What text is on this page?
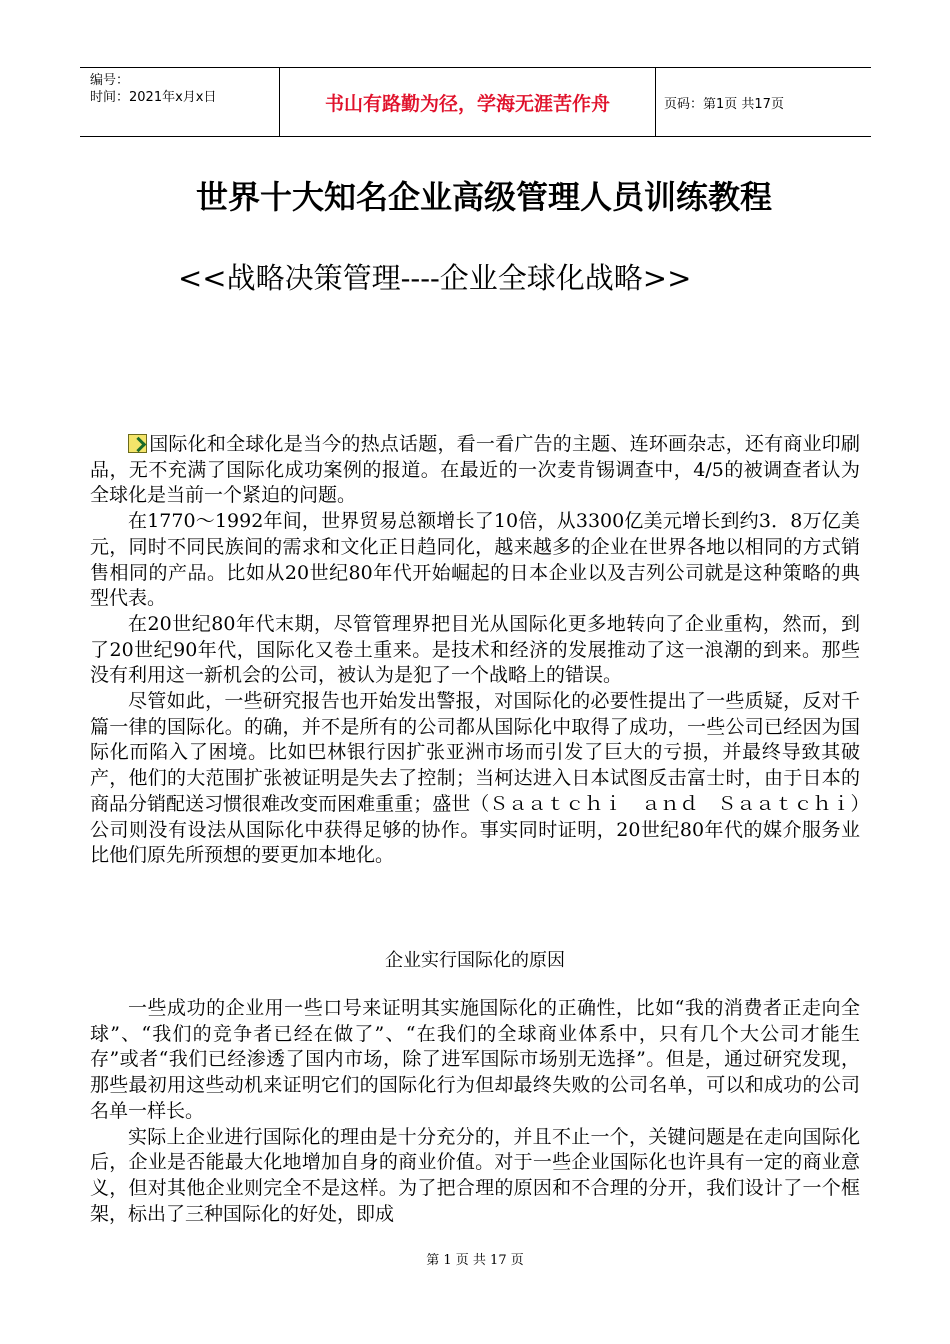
编号：
时间：2021年x月x日	书山有路勤为径，学海无涯苦作舟	页码：第1页 共17页
世界十大知名企业高级管理人员训练教程
<<战略决策管理----企业全球化战略>>

国际化和全球化是当今的热点话题，看一看广告的主题、连环画杂志，还有商业印刷品，无不充满了国际化成功案例的报道。在最近的一次麦肯锡调查中，4/5的被调查者认为全球化是当前一个紧迫的问题。

在1770～1992年间，世界贸易总额增长了10倍，从3300亿美元增长到约3．8万亿美元，同时不同民族间的需求和文化正日趋同化，越来越多的企业在世界各地以相同的方式销售相同的产品。比如从20世纪80年代开始崛起的日本企业以及吉列公司就是这种策略的典型代表。

在20世纪80年代末期，尽管管理界把目光从国际化更多地转向了企业重构，然而，到了20世纪90年代，国际化又卷土重来。是技术和经济的发展推动了这一浪潮的到来。那些没有利用这一新机会的公司，被认为是犯了一个战略上的错误。

尽管如此，一些研究报告也开始发出警报，对国际化的必要性提出了一些质疑，反对千篇一律的国际化。的确，并不是所有的公司都从国际化中取得了成功，一些公司已经因为国际化而陷入了困境。比如巴林银行因扩张亚洲市场而引发了巨大的亏损，并最终导致其破产，他们的大范围扩张被证明是失去了控制；当柯达进入日本试图反击富士时，由于日本的商品分销配送习惯很难改变而困难重重；盛世（Ｓａａｔｃｈｉ　ａｎｄ　Ｓａａｔｃｈｉ）公司则没有设法从国际化中获得足够的协作。事实同时证明，20世纪80年代的媒介服务业比他们原先所预想的要更加本地化。

企业实行国际化的原因

一些成功的企业用一些口号来证明其实施国际化的正确性，比如“我的消费者正走向全球”、“我们的竞争者已经在做了”、“在我们的全球商业体系中，只有几个大公司才能生存”或者“我们已经渗透了国内市场，除了进军国际市场别无选择”。但是，通过研究发现，那些最初用这些动机来证明它们的国际化行为但却最终失败的公司名单，可以和成功的公司名单一样长。

实际上企业进行国际化的理由是十分充分的，并且不止一个，关键问题是在走向国际化后，企业是否能最大化地增加自身的商业价值。对于一些企业国际化也许具有一定的商业意义，但对其他企业则完全不是这样。为了把合理的原因和不合理的分开，我们设计了一个框架，标出了三种国际化的好处，即成

第 1 页 共 17 页
